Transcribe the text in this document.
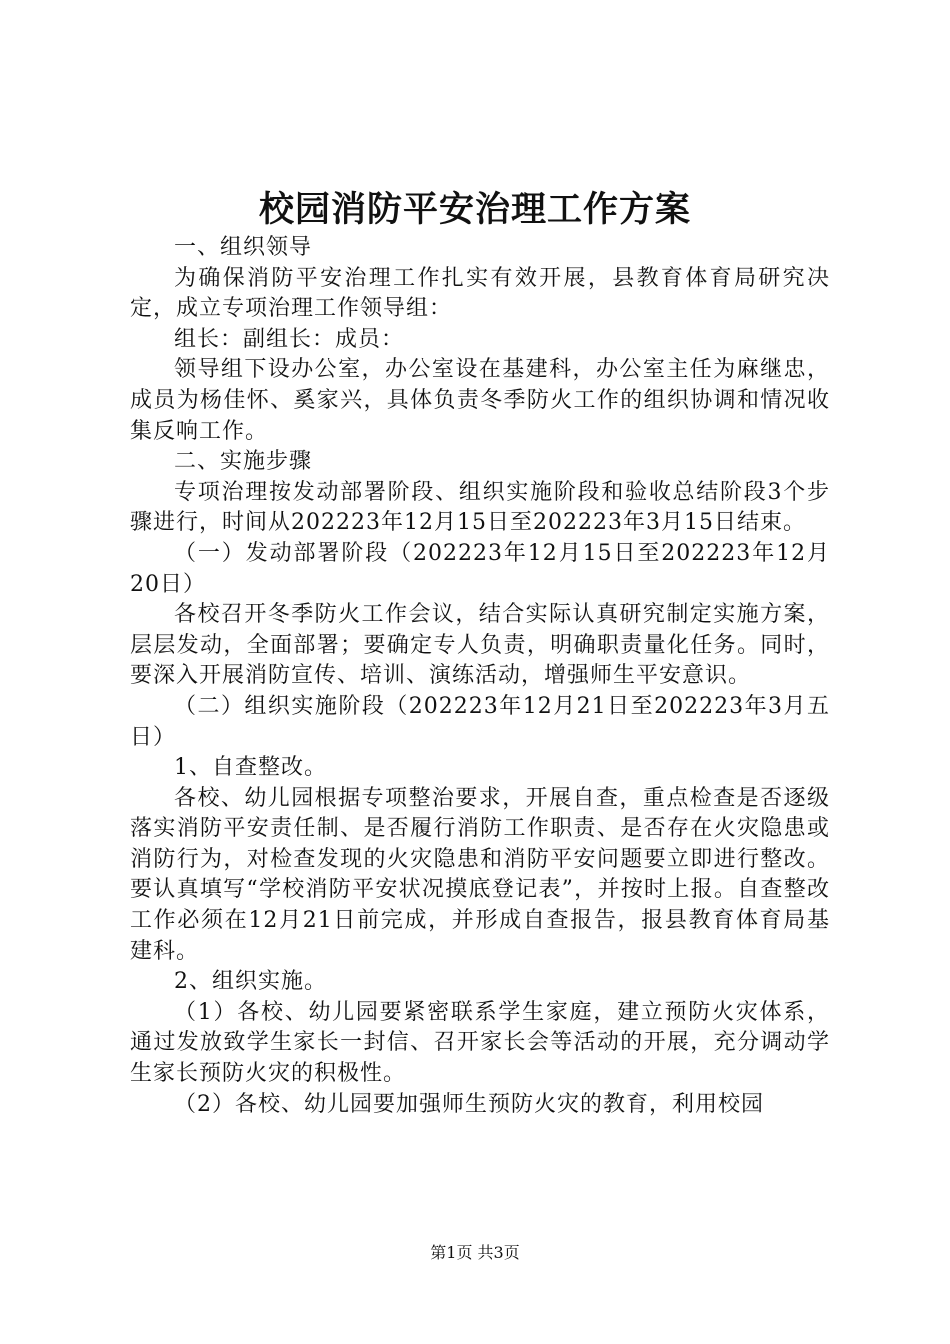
校园消防平安治理工作方案

一、组织领导

为确保消防平安治理工作扎实有效开展，县教育体育局研究决定，成立专项治理工作领导组：

组长：副组长：成员：

领导组下设办公室，办公室设在基建科，办公室主任为麻继忠，成员为杨佳怀、奚家兴，具体负责冬季防火工作的组织协调和情况收集反响工作。

二、实施步骤

专项治理按发动部署阶段、组织实施阶段和验收总结阶段3个步骤进行，时间从202223年12月15日至202223年3月15日结束。

（一）发动部署阶段（202223年12月15日至202223年12月20日）

各校召开冬季防火工作会议，结合实际认真研究制定实施方案，层层发动，全面部署；要确定专人负责，明确职责量化任务。同时，要深入开展消防宣传、培训、演练活动，增强师生平安意识。

（二）组织实施阶段（202223年12月21日至202223年3月五日）

1、自查整改。

各校、幼儿园根据专项整治要求，开展自查，重点检查是否逐级落实消防平安责任制、是否履行消防工作职责、是否存在火灾隐患或消防行为，对检查发现的火灾隐患和消防平安问题要立即进行整改。要认真填写“学校消防平安状况摸底登记表”，并按时上报。自查整改工作必须在12月21日前完成，并形成自查报告，报县教育体育局基建科。

2、组织实施。

（1）各校、幼儿园要紧密联系学生家庭，建立预防火灾体系，通过发放致学生家长一封信、召开家长会等活动的开展，充分调动学生家长预防火灾的积极性。

（2）各校、幼儿园要加强师生预防火灾的教育，利用校园

第1页 共3页
